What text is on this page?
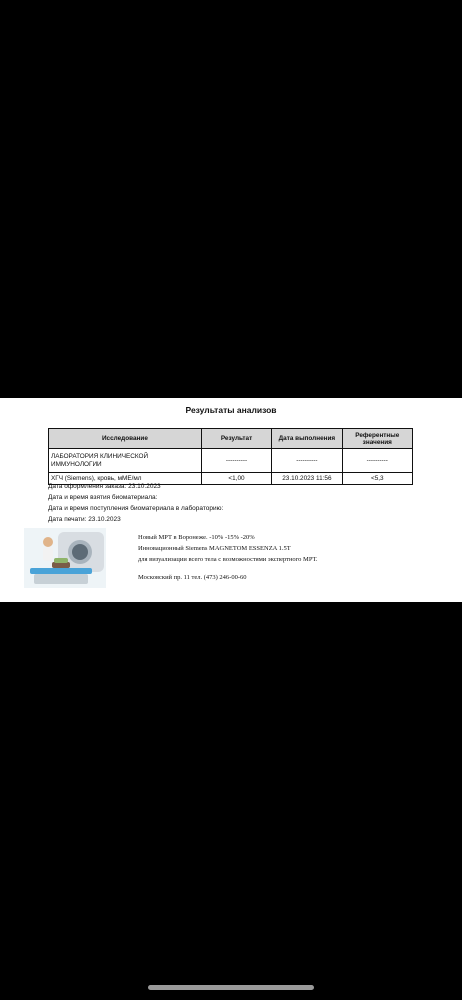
Результаты анализов
Исследование	Результат	Дата выполнения	Референтные значения
ЛАБОРАТОРИЯ КЛИНИЧЕСКОЙ ИММУНОЛОГИИ	----------	----------	----------
ХГЧ (Siemens), кровь, мМЕ/мл	<1,00	23.10.2023 11:56	<5,3
Дата оформления заказа: 23.10.2023
Дата и время взятия биоматериала:
Дата и время поступления биоматериала в лабораторию:
Дата печати: 23.10.2023
Новый МРТ в Воронеже. -10% -15% -20%
Инновационный Siemens MAGNETOM ESSENZA 1.5T
для визуализации всего тела с возможностями экспертного МРТ.
Московский пр. 11 тел. (473) 246-00-60
